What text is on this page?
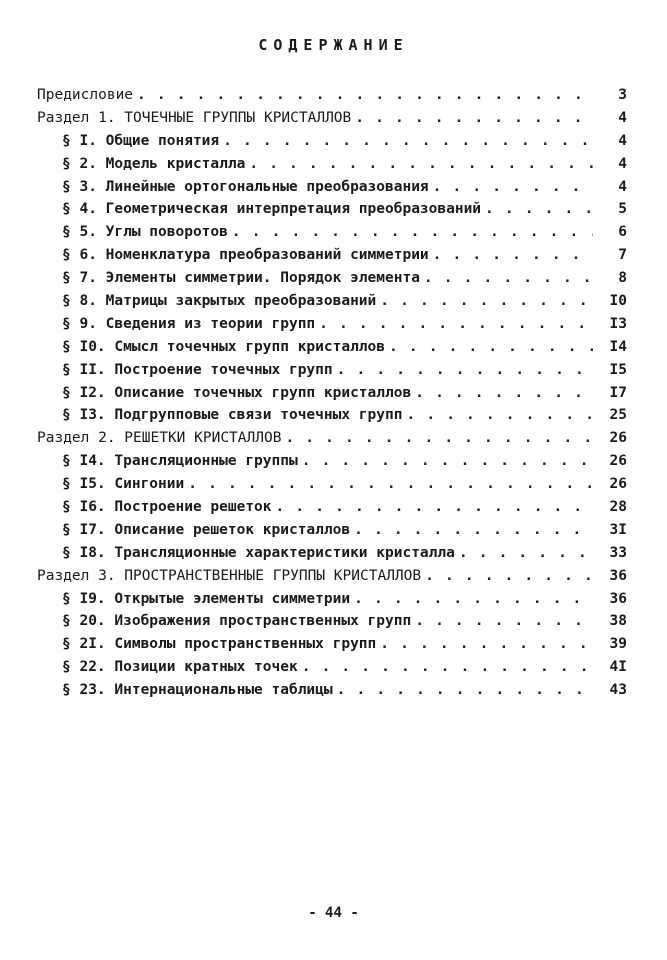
СОДЕРЖАНИЕ
Предисловие . . .	3
Раздел 1. ТОЧЕЧНЫЕ ГРУППЫ КРИСТАЛЛОВ . . .	4
§ I. Общие понятия . . .	4
§ 2. Модель кристалла . . .	4
§ 3. Линейные ортогональные преобразования . . .	4
§ 4. Геометрическая интерпретация преобразований . . .	5
§ 5. Углы поворотов . . .	6
§ 6. Номенклатура преобразований симметрии . . .	7
§ 7. Элементы симметрии. Порядок элемента . . .	8
§ 8. Матрицы закрытых преобразований . . .	I0
§ 9. Сведения из теории групп . . .	I3
§ I0. Смысл точечных групп кристаллов . . .	I4
§ II. Построение точечных групп . . .	I5
§ I2. Описание точечных групп кристаллов . . .	I7
§ I3. Подгрупповые связи точечных групп . . .	25
Раздел 2. РЕШЕТКИ КРИСТАЛЛОВ . . .	26
§ I4. Трансляционные группы . . .	26
§ I5. Сингонии . . .	26
§ I6. Построение решеток . . .	28
§ I7. Описание решеток кристаллов . . .	3I
§ I8. Трансляционные характеристики кристалла . . .	33
Раздел 3. ПРОСТРАНСТВЕННЫЕ ГРУППЫ КРИСТАЛЛОВ . . .	36
§ I9. Открытые элементы симметрии . . .	36
§ 20. Изображения пространственных групп . . .	38
§ 2I. Символы пространственных групп . . .	39
§ 22. Позиции кратных точек . . .	4I
§ 23. Интернациональные таблицы . . .	43
- 44 -
